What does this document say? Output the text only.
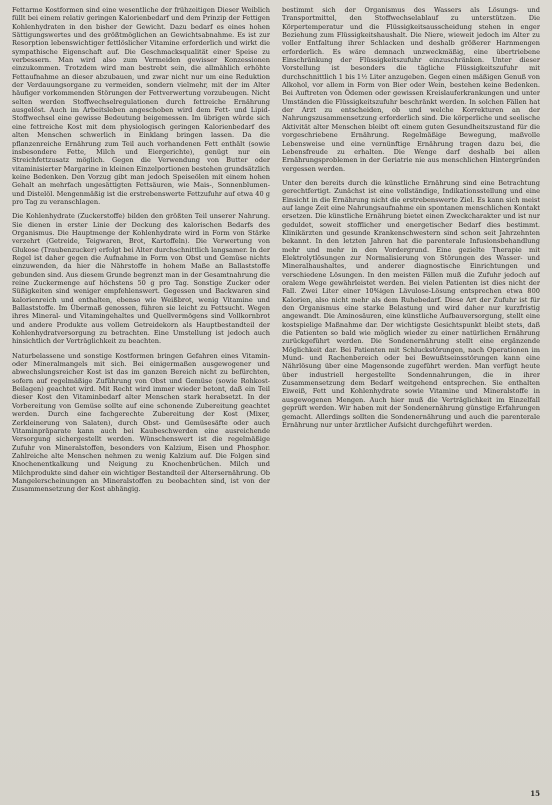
Fettarme Kostformen sind eine wesentliche der frühzeitigen Dieser Weiblich füllt bei einem relativ geringen Kalorienbedarf und dem Prinzip der Fettigen Kohlenhydraten in den bisher der Gewicht. Dazu bedarf es eines hohen Sättigungswertes und des größtmöglichen an Gewichtsabnahme. Es ist zur Resorption lebenswichtiger fettlöslicher Vitamine erforderlich und wirkt die sympathische Eigenschaft auf. Die Geschmacksqualität einer Speise zu verbessern. Man wird also zum Vermeiden gewisser Konzessionen einzukommen. Trotzdem wird man bestrebt sein, die allmählich erhöhte Fettaufnahme an dieser abzubauen, und zwar nicht nur um eine Reduktion der Verdauungsorgane zu vermeiden, sondern vielmehr, mit der im Alter häufiger vorkommenden Störungen der Fettverwertung vorzubeugen. Nicht selten werden Stoffwechselregulationen durch fettreiche Ernährung ausgelöst. Auch im Arbeitsleben angeschoben wird dem Fett- und Lipid-Stoffwechsel eine gewisse Bedeutung beigemessen. Im übrigen würde sich eine fettreiche Kost mit dem physiologisch geringen Kalorienbedarf des alten Menschen schwerlich in Einklang bringen lassen. Da die pflanzenreiche Ernährung zum Teil auch vorhandenen Fett enthält (sowie insbesondere Fette, Milch und Eiergerichte), genügt nur ein Streichfettzusatz möglich. Gegen die Verwendung von Butter oder vitaminisierter Margarine in kleinen Einzelportionen bestehen grundsätzlich keine Bedenken. Den Vorzug gibt man jedoch Speiseölen mit einem hohen Gehalt an mehrfach ungesättigten Fettsäuren, wie Mais-, Sonnenblumen- und Distelöl. Mengenmäßig ist die erstrebenswerte Fettzufuhr auf etwa 40 g pro Tag zu veranschlagen.

Die Kohlenhydrate (Zuckerstoffe) bilden den größten Teil unserer Nahrung. Sie dienen in erster Linie der Deckung des kalorischen Bedarfs des Organismus. Die Hauptmenge der Kohlenhydrate wird in Form von Stärke verzehrt (Getreide, Teigwaren, Brot, Kartoffeln). Die Verwertung von Glukose (Traubenzucker) erfolgt bei Alter durchschnittlich langsamer. In der Regel ist daher gegen die Aufnahme in Form von Obst und Gemüse nichts einzuwenden, da hier die Nährstoffe in hohem Maße an Ballaststoffe gebunden sind. Aus diesem Grunde begrenzt man in der Gesamtnahrung die reine Zuckermenge auf höchstens 50 g pro Tag. Sonstige Zucker oder Süßigkeiten sind weniger empfehlenswert. Gegessen und Backwaren sind kalorienreich und enthalten, ebenso wie Weißbrot, wenig Vitamine und Ballaststoffe. Im Übermaß genossen, führen sie leicht zu Fettsucht. Wegen ihres Mineral- und Vitamingehaltes und Quellvermögens sind Vollkornbrot und andere Produkte aus vollem Getreidekorn als Hauptbestandteil der Kohlenhydratversorgung zu betrachten. Eine Umstellung ist jedoch auch hinsichtlich der Verträglichkeit zu beachten.

Naturbelassene und sonstige Kostformen bringen Gefahren eines Vitamin- oder Mineralmangels mit sich. Bei einigermaßen ausgewogener und abwechslungsreicher Kost ist das im ganzen Bereich nicht zu befürchten, sofern auf regelmäßige Zuführung von Obst und Gemüse (sowie Rohkost-Beilagen) geachtet wird. Mit Recht wird immer wieder betont, daß ein Teil dieser Kost den Vitaminbedarf alter Menschen stark herabsetzt. In der Vorbereitung von Gemüse sollte auf eine schonende Zubereitung geachtet werden. Durch eine fachgerechte Zubereitung der Kost (Mixer, Zerkleinerung von Salaten), durch Obst- und Gemüsesäfte oder auch Vitaminpräparate kann auch bei Kaubeschwerden eine ausreichende Versorgung sichergestellt werden. Wünschenswert ist die regelmäßige Zufuhr von Mineralstoffen, besonders von Kalzium, Eisen und Phosphor. Zahlreiche alte Menschen nehmen zu wenig Kalzium auf. Die Folgen sind Knochenentkalkung und Neigung zu Knochenbrüchen. Milch und Milchprodukte sind daher ein wichtiger Bestandteil der Altersernährung. Ob Mangelerscheinungen an Mineralstoffen zu beobachten sind, ist von der Zusammensetzung der Kost abhängig.

bestimmt sich der Organismus des Wassers als Lösungs- und Transportmittel, den Stoffwechselablauf zu unterstützen. Die Körpertemperatur und die Flüssigkeitsausscheidung stehen in enger Beziehung zum Flüssigkeitshaushalt. Die Niere, wieweit jedoch im Alter zu voller Entfaltung ihrer Schlacken und deshalb größerer Harnmengen erforderlich. Es wäre demnach unzweckmäßig, eine übertriebene Einschränkung der Flüssigkeitszufuhr einzuschränken. Unter dieser Vorstellung ist besonders die tägliche Flüssigkeitszufuhr mit durchschnittlich 1 bis 1½ Liter anzugeben. Gegen einen mäßigen Genuß von Alkohol, vor allem in Form von Bier oder Wein, bestehen keine Bedenken. Bei Auftreten von Ödemen oder gewissen Kreislauferkrankungen und unter Umständen die Flüssigkeitszufuhr beschränkt werden. In solchen Fällen hat der Arzt zu entscheiden, ob und welche Korrekturen an der Nahrungszusammensetzung erforderlich sind. Die körperliche und seelische Aktivität alter Menschen bleibt oft einem guten Gesundheitszustand für die vorgeschriebene Ernährung. Regelmäßige Bewegung, maßvolle Lebensweise und eine vernünftige Ernährung tragen dazu bei, die Lebensfreude zu erhalten. Die Wenge darf deshalb bei allen Ernährungsproblemen in der Geriatrie nie aus menschlichen Hintergründen vergessen werden.

Unter den bereits durch die künstliche Ernährung sind eine Betrachtung gerechtfertigt. Zunächst ist eine vollständige, Indikationsstellung und eine Einsicht in die Ernährung nicht die erstrebenswerte Ziel. Es kann sich meist auf lange Zeit eine Nahrungsaufnahme ein spontanen menschlichen Kontakt ersetzen. Die künstliche Ernährung bietet einen Zweckcharakter und ist nur geduldet, soweit stofflicher und energetischer Bedarf dies bestimmt. Klinikärzten und gesunde Krankenschwestern sind schon seit Jahrzehnten bekannt. In den letzten Jahren hat die parenterale Infusionsbehandlung mehr und mehr in den Vordergrund. Eine gezielte Therapie mit Elektrolytlösungen zur Normalisierung von Störungen des Wasser- und Mineralhaushaltes, und anderer diagnostische Einrichtungen und verschiedene Lösungen. In den meisten Fällen muß die Zufuhr jedoch auf oralem Wege gewährleistet werden. Bei vielen Patienten ist dies nicht der Fall. Zwei Liter einer 10%igen Lävulose-Lösung entsprechen etwa 800 Kalorien, also nicht mehr als dem Ruhebedarf. Diese Art der Zufuhr ist für den Organismus eine starke Belastung und wird daher nur kurzfristig angewandt. Die Aminosäuren, eine künstliche Aufbauversorgung, stellt eine kostspielige Maßnahme dar. Der wichtigste Gesichtspunkt bleibt stets, daß die Patienten so bald wie möglich wieder zu einer natürlichen Ernährung zurückgeführt werden. Die Sondenernährung stellt eine ergänzende Möglichkeit dar. Bei Patienten mit Schluckstörungen, nach Operationen im Mund- und Rachenbereich oder bei Bewußtseinsstörungen kann eine Nährlösung über eine Magensonde zugeführt werden. Man verfügt heute über industriell hergestellte Sondennahrungen, die in ihrer Zusammensetzung dem Bedarf weitgehend entsprechen. Sie enthalten Eiweiß, Fett und Kohlenhydrate sowie Vitamine und Mineralstoffe in ausgewogenen Mengen. Auch hier muß die Verträglichkeit im Einzelfall geprüft werden. Wir haben mit der Sondenernährung günstige Erfahrungen gemacht. Allerdings sollten die Sondenernährung und auch die parenterale Ernährung nur unter ärztlicher Aufsicht durchgeführt werden.

15
